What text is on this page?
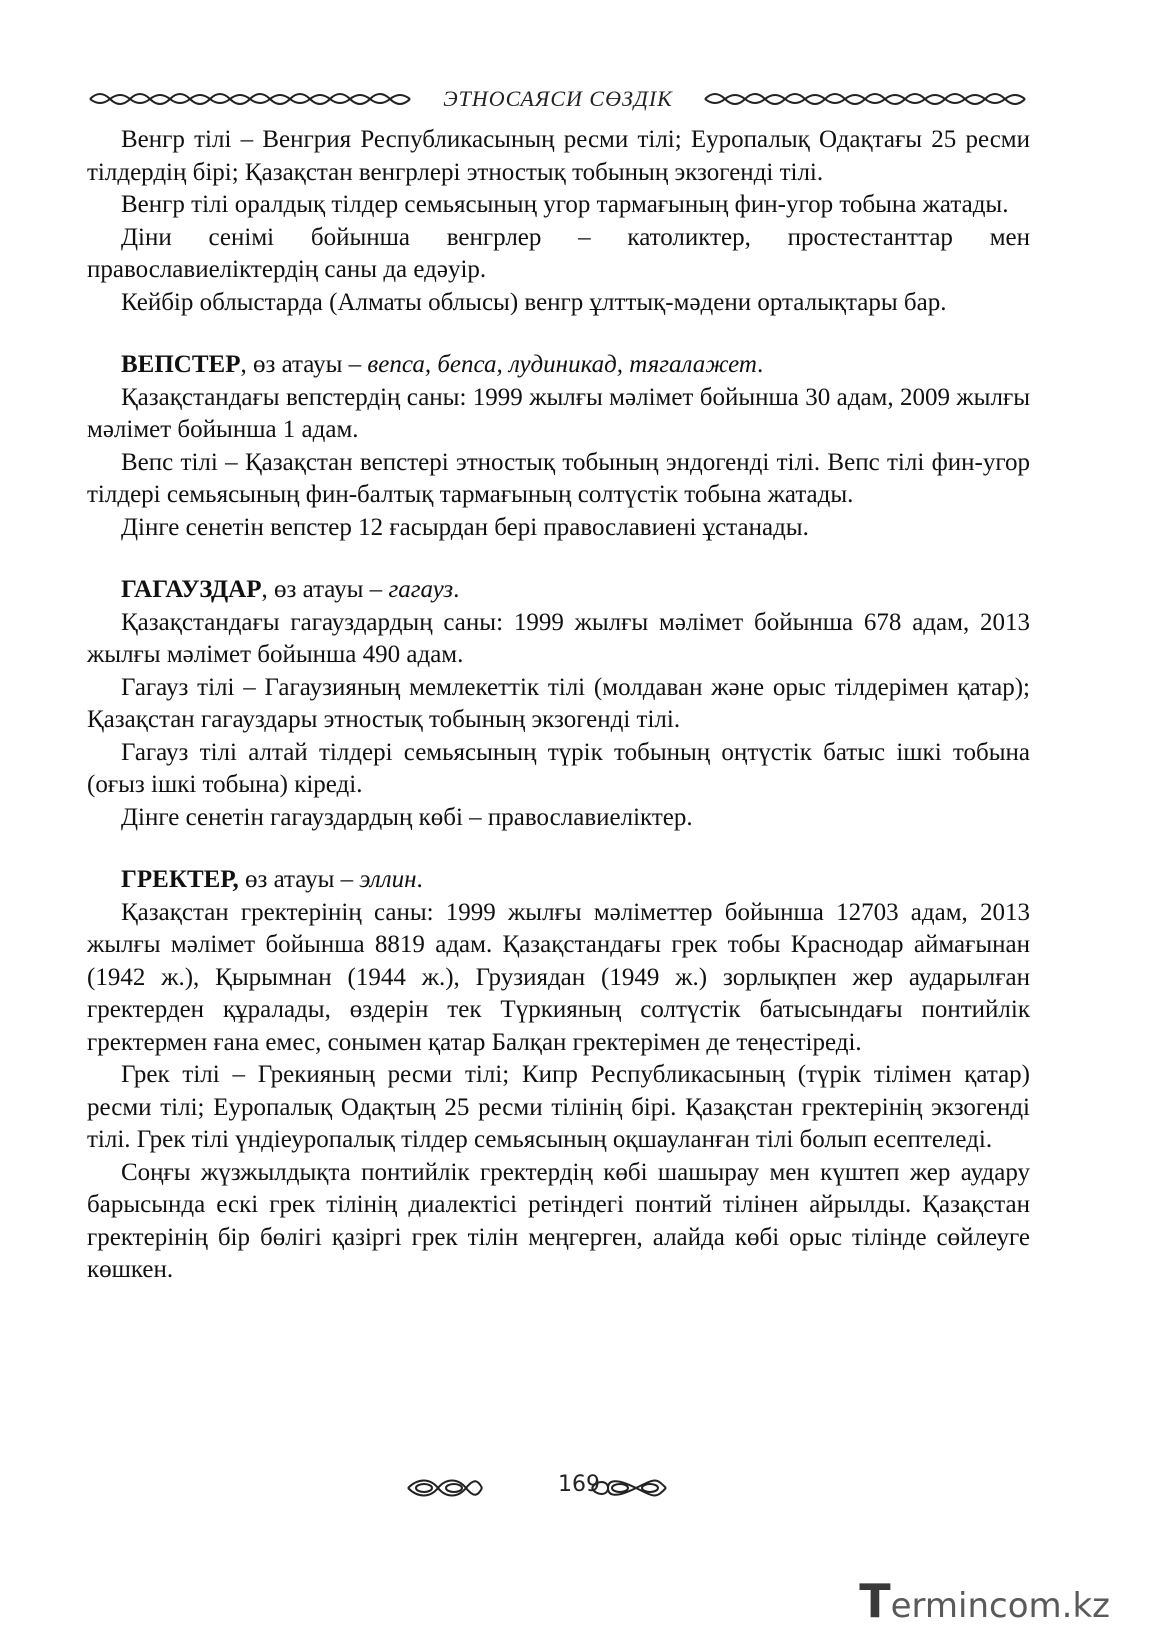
ЭТНОСАЯСИ СӨЗДІК

Венгр тілі – Венгрия Республикасының ресми тілі; Еуропалық Одақтағы 25 ресми тілдердің бірі; Қазақстан венгрлері этностық тобының экзогенді тілі.

Венгр тілі оралдық тілдер семьясының угор тармағының фин-угор тобына жатады.

Діни сенімі бойынша венгрлер – католиктер, простестанттар мен православиеліктердің саны да едәуір.

Кейбір облыстарда (Алматы облысы) венгр ұлттық-мәдени орталықтары бар.

ВЕПСТЕР, өз атауы – вепса, бепса, лудиникад, тягалажет.

Қазақстандағы вепстердің саны: 1999 жылғы мәлімет бойынша 30 адам, 2009 жылғы мәлімет бойынша 1 адам.

Вепс тілі – Қазақстан вепстері этностық тобының эндогенді тілі. Вепс тілі фин-угор тілдері семьясының фин-балтық тармағының солтүстік тобына жатады.

Дінге сенетін вепстер 12 ғасырдан бері православиені ұстанады.

ГАГАУЗДАР, өз атауы – гагауз.

Қазақстандағы гагауздардың саны: 1999 жылғы мәлімет бойынша 678 адам, 2013 жылғы мәлімет бойынша 490 адам.

Гагауз тілі – Гагаузияның мемлекеттік тілі (молдаван және орыс тілдерімен қатар); Қазақстан гагауздары этностық тобының экзогенді тілі.

Гагауз тілі алтай тілдері семьясының түрік тобының оңтүстік батыс ішкі тобына (оғыз ішкі тобына) кіреді.

Дінге сенетін гагауздардың көбі – православиеліктер.

ГРЕКТЕР, өз атауы – эллин.

Қазақстан гректерінің саны: 1999 жылғы мәліметтер бойынша 12703 адам, 2013 жылғы мәлімет бойынша 8819 адам. Қазақстандағы грек тобы Краснодар аймағынан (1942 ж.), Қырымнан (1944 ж.), Грузиядан (1949 ж.) зорлықпен жер аударылған гректерден құралады, өздерін тек Түркияның солтүстік батысындағы понтийлік гректермен ғана емес, сонымен қатар Балқан гректерімен де теңестіреді.

Грек тілі – Грекияның ресми тілі; Кипр Республикасының (түрік тілімен қатар) ресми тілі; Еуропалық Одақтың 25 ресми тілінің бірі. Қазақстан гректерінің экзогенді тілі. Грек тілі үндіеуропалық тілдер семьясының оқшауланған тілі болып есептеледі.

Соңғы жүзжылдықта понтийлік гректердің көбі шашырау мен күштеп жер аудару барысында ескі грек тілінің диалектісі ретіндегі понтий тілінен айрылды. Қазақстан гректерінің бір бөлігі қазіргі грек тілін меңгерген, алайда көбі орыс тілінде сөйлеуге көшкен.

169
Termincom.kz
